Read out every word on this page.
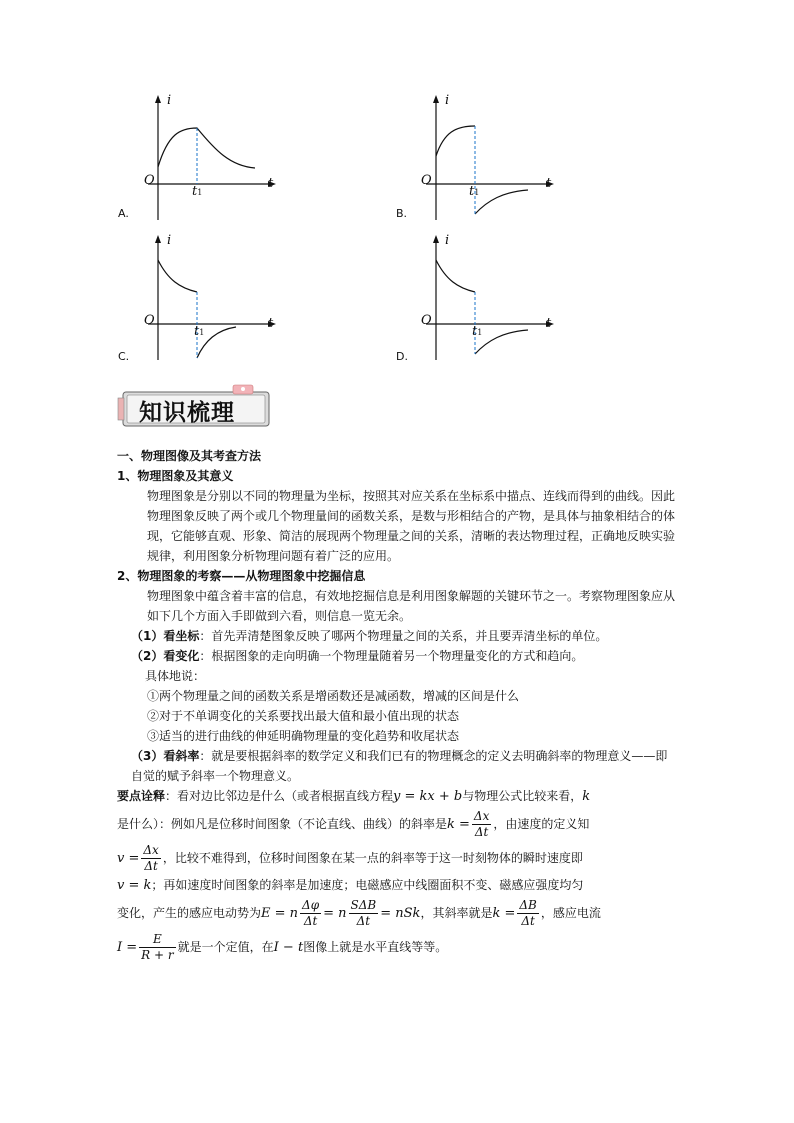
i
O	t
t1
A.
i
O	t
t1
B.
i
O	t
t1
C.
i
O	t
t1
D.
知识梳理

一、物理图像及其考查方法

1、物理图象及其意义

物理图象是分别以不同的物理量为坐标，按照其对应关系在坐标系中描点、连线而得到的曲线。因此物理图象反映了两个或几个物理量间的函数关系，是数与形相结合的产物，是具体与抽象相结合的体现，它能够直观、形象、简洁的展现两个物理量之间的关系，清晰的表达物理过程，正确地反映实验规律，利用图象分析物理问题有着广泛的应用。

2、物理图象的考察——从物理图象中挖掘信息

物理图象中蕴含着丰富的信息，有效地挖掘信息是利用图象解题的关键环节之一。考察物理图象应从如下几个方面入手即做到六看，则信息一览无余。

（1）看坐标：首先弄清楚图象反映了哪两个物理量之间的关系，并且要弄清坐标的单位。

（2）看变化：根据图象的走向明确一个物理量随着另一个物理量变化的方式和趋向。

具体地说：

①两个物理量之间的函数关系是增函数还是减函数，增减的区间是什么

②对于不单调变化的关系要找出最大值和最小值出现的状态

③适当的进行曲线的伸延明确物理量的变化趋势和收尾状态

（3）看斜率：就是要根据斜率的数学定义和我们已有的物理概念的定义去明确斜率的物理意义——即自觉的赋予斜率一个物理意义。

要点诠释：看对边比邻边是什么（或者根据直线方程y = kx + b与物理公式比较来看，k

是什么）：例如凡是位移时间图象（不论直线、曲线）的斜率是$k = \frac{\Delta x}{\Delta t}$ ，由速度的定义知

$v = \frac{\Delta x}{\Delta t}$ ，比较不难得到，位移时间图象在某一点的斜率等于这一时刻物体的瞬时速度即

v = k；再如速度时间图象的斜率是加速度；电磁感应中线圈面积不变、磁感应强度均匀

变化，产生的感应电动势为E = n $\frac{\Delta\varphi}{\Delta t} = n \frac{\text{SΔB}}{\Delta t}$ = nSk，其斜率就是$k = \frac{\Delta B}{\Delta t}$ ，感应电流

$I = \frac{E}{R + r}$ 就是一个定值，在I − t图像上就是水平直线等等。
